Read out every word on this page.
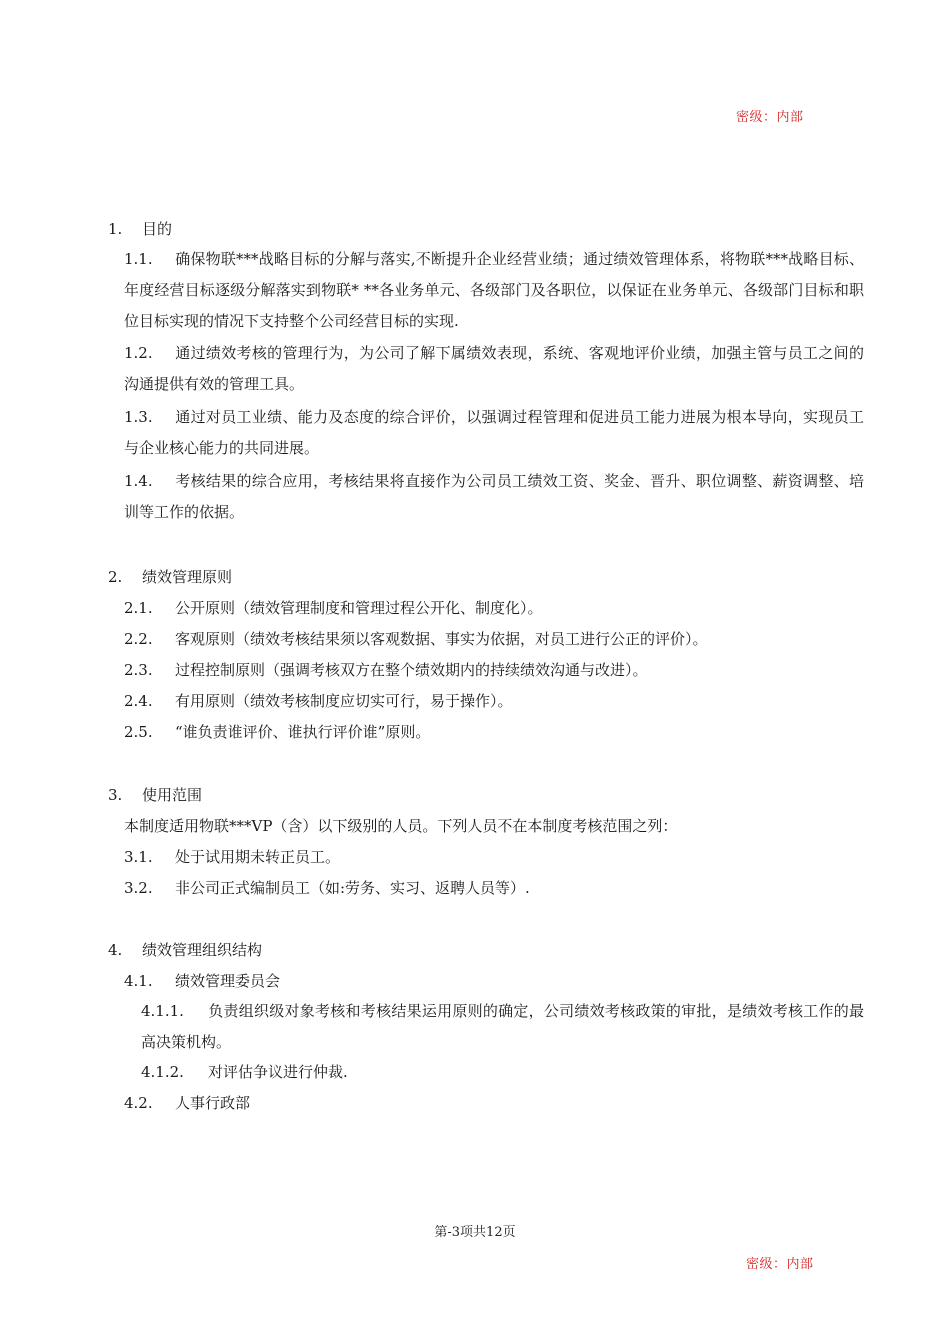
密级：内部
1. 目的
1.1. 确保物联***战略目标的分解与落实,不断提升企业经营业绩；通过绩效管理体系，将物联***战略目标、年度经营目标逐级分解落实到物联* **各业务单元、各级部门及各职位，以保证在业务单元、各级部门目标和职位目标实现的情况下支持整个公司经营目标的实现.
1.2. 通过绩效考核的管理行为，为公司了解下属绩效表现，系统、客观地评价业绩，加强主管与员工之间的沟通提供有效的管理工具。
1.3. 通过对员工业绩、能力及态度的综合评价，以强调过程管理和促进员工能力进展为根本导向，实现员工与企业核心能力的共同进展。
1.4. 考核结果的综合应用，考核结果将直接作为公司员工绩效工资、奖金、晋升、职位调整、薪资调整、培训等工作的依据。
2. 绩效管理原则
2.1. 公开原则（绩效管理制度和管理过程公开化、制度化）。
2.2. 客观原则（绩效考核结果须以客观数据、事实为依据，对员工进行公正的评价）。
2.3. 过程控制原则（强调考核双方在整个绩效期内的持续绩效沟通与改进）。
2.4. 有用原则（绩效考核制度应切实可行，易于操作）。
2.5. “谁负责谁评价、谁执行评价谁”原则。
3. 使用范围
本制度适用物联***VP（含）以下级别的人员。下列人员不在本制度考核范围之列：
3.1. 处于试用期未转正员工。
3.2. 非公司正式编制员工（如:劳务、实习、返聘人员等）.
4. 绩效管理组织结构
4.1. 绩效管理委员会
4.1.1. 负责组织级对象考核和考核结果运用原则的确定，公司绩效考核政策的审批，是绩效考核工作的最高决策机构。
4.1.2. 对评估争议进行仲裁.
4.2. 人事行政部
第-3项共12页
密级：内部
